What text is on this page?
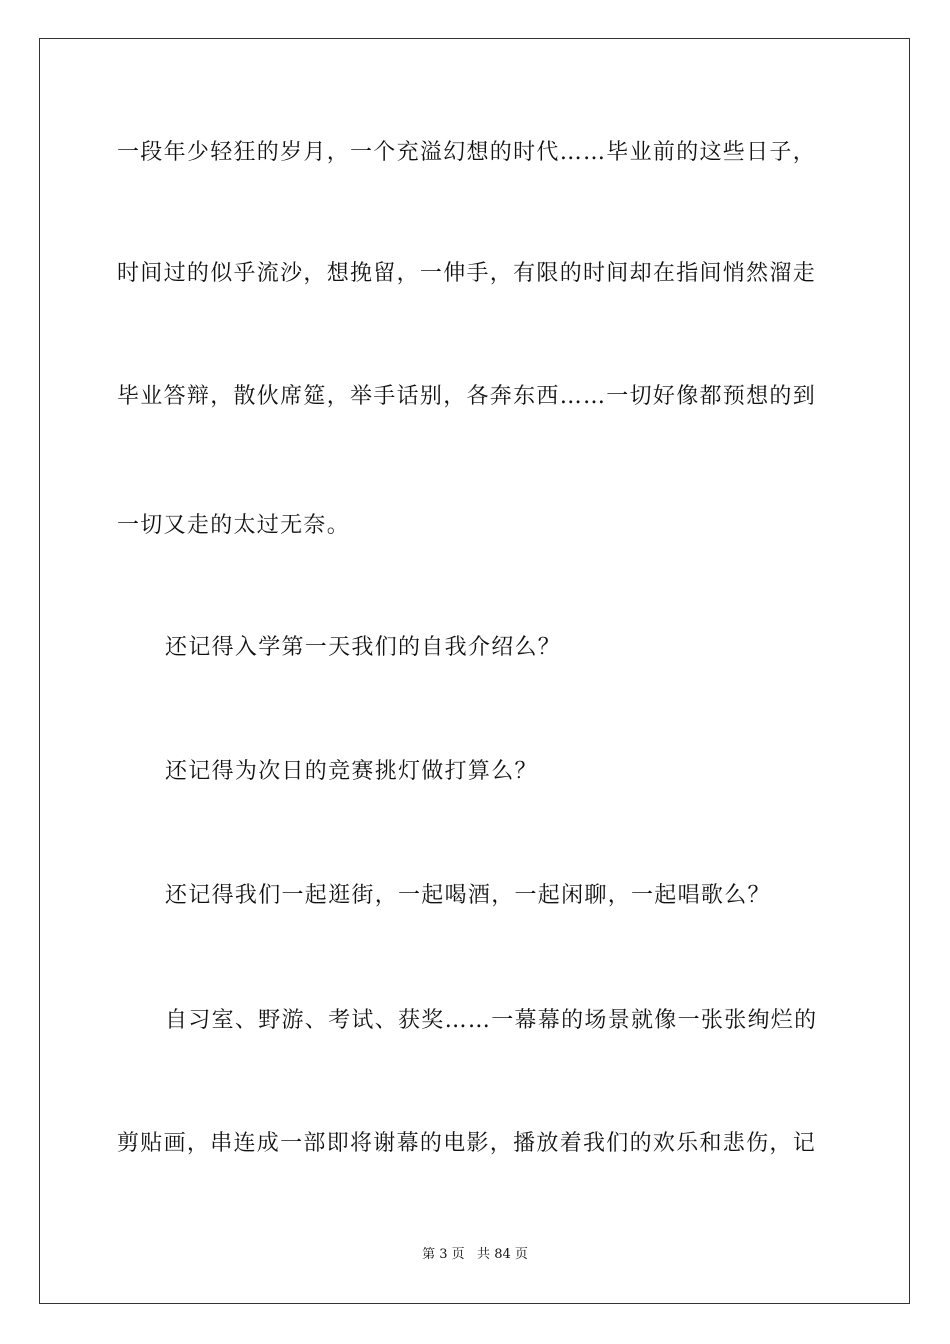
一段年少轻狂的岁月，一个充溢幻想的时代……毕业前的这些日子，
时间过的似乎流沙，想挽留，一伸手，有限的时间却在指间悄然溜走
毕业答辩，散伙席筵，举手话别，各奔东西……一切好像都预想的到
一切又走的太过无奈。
还记得入学第一天我们的自我介绍么？
还记得为次日的竞赛挑灯做打算么？
还记得我们一起逛街，一起喝酒，一起闲聊，一起唱歌么？
自习室、野游、考试、获奖……一幕幕的场景就像一张张绚烂的
剪贴画，串连成一部即将谢幕的电影，播放着我们的欢乐和悲伤，记
第 3 页   共 84 页
